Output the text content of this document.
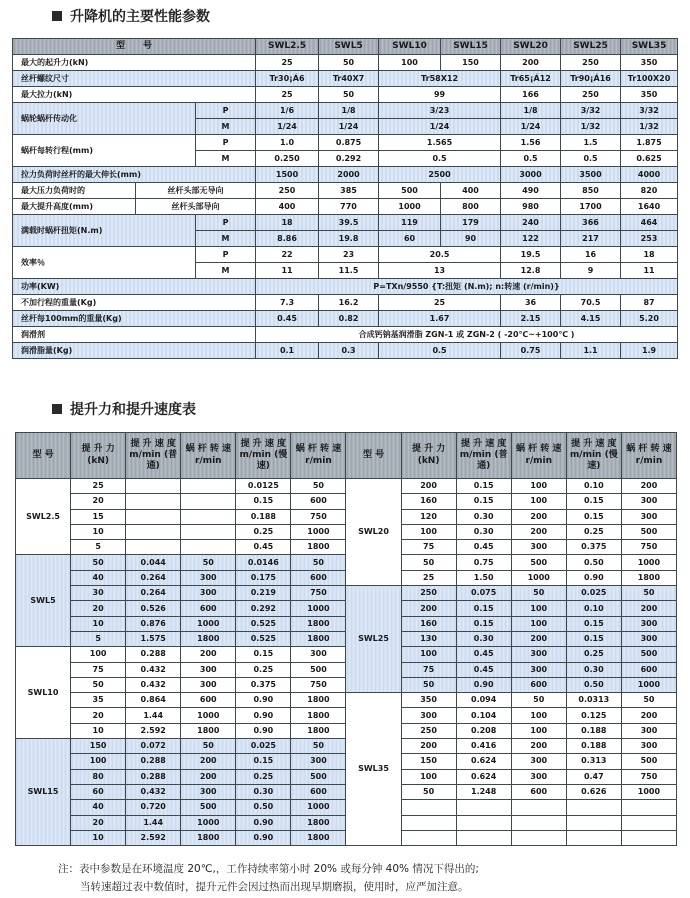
升降机的主要性能参数
型　　号			SWL2.5	SWL5	SWL10	SWL15	SWL20	SWL25	SWL35
最大的起升力(kN)			25	50	100	150	200	250	350
丝杆螺纹尺寸			Tr30¡Á6	Tr40X7	Tr58X12		Tr65¡Á12	Tr90¡Á16	Tr100X20
最大拉力(kN)			25	50	99		166	250	350
蜗轮蜗杆传动化		P	1/6	1/8	3/23		1/8	3/32	3/32
		M	1/24	1/24	1/24		1/24	1/32	1/32
蜗杆每转行程(mm)		P	1.0	0.875	1.565		1.56	1.5	1.875
		M	0.250	0.292	0.5		0.5	0.5	0.625
拉力负荷时丝杆的最大伸长(mm)			1500	2000	2500		3000	3500	4000
最大压力负荷时的	丝杆头部无导向		250	385	500	400	490	850	820
最大提升高度(mm)	丝杆头部导向		400	770	1000	800	980	1700	1640
满载时蜗杆扭矩(N.m)		P	18	39.5	119	179	240	366	464
		M	8.86	19.8	60	90	122	217	253
效率％		P	22	23	20.5		19.5	16	18
		M	11	11.5	13		12.8	9	11
功率(KW)			P=TXn/9550 {T:扭矩 (N.m); n:转速 (r/min)}						
不加行程的重量(Kg)			7.3	16.2	25		36	70.5	87
丝杆每100mm的重量(Kg)			0.45	0.82	1.67		2.15	4.15	5.20
润滑剂			合成钙钠基润滑脂 ZGN-1 或 ZGN-2 ( -20℃~+100℃ )						
润滑脂量(Kg)			0.1	0.3	0.5		0.75	1.1	1.9
提升力和提升速度表
型 号	提 升 力 (kN)	提 升 速 度 m/min (普 通)	蜗 杆 转 速 r/min	提 升 速 度 m/min (慢 速)	蜗 杆 转 速 r/min	型 号	提 升 力 (kN)	提 升 速 度 m/min (普 通)	蜗 杆 转 速 r/min	提 升 速 度 m/min (慢 速)	蜗 杆 转 速 r/min
SWL2.5	25			0.0125	50	SWL20	200	0.15	100	0.10	200
	20			0.15	600		160	0.15	100	0.15	300
	15			0.188	750		120	0.30	200	0.15	300
	10			0.25	1000		100	0.30	200	0.25	500
	5			0.45	1800		75	0.45	300	0.375	750
SWL5	50	0.044	50	0.0146	50		50	0.75	500	0.50	1000
	40	0.264	300	0.175	600		25	1.50	1000	0.90	1800
	30	0.264	300	0.219	750	SWL25	250	0.075	50	0.025	50
	20	0.526	600	0.292	1000		200	0.15	100	0.10	200
	10	0.876	1000	0.525	1800		160	0.15	100	0.15	300
	5	1.575	1800	0.525	1800		130	0.30	200	0.15	300
SWL10	100	0.288	200	0.15	300		100	0.45	300	0.25	500
	75	0.432	300	0.25	500		75	0.45	300	0.30	600
	50	0.432	300	0.375	750		50	0.90	600	0.50	1000
	35	0.864	600	0.90	1800	SWL35	350	0.094	50	0.0313	50
	20	1.44	1000	0.90	1800		300	0.104	100	0.125	200
	10	2.592	1800	0.90	1800		250	0.208	100	0.188	300
SWL15	150	0.072	50	0.025	50		200	0.416	200	0.188	300
	100	0.288	200	0.15	300		150	0.624	300	0.313	500
	80	0.288	200	0.25	500		100	0.624	300	0.47	750
	60	0.432	300	0.30	600		50	1.248	600	0.626	1000
	40	0.720	500	0.50	1000						
	20	1.44	1000	0.90	1800						
	10	2.592	1800	0.90	1800						
注：表中参数是在环境温度 20℃,，工作持续率第小时 20% 或每分钟 40% 情况下得出的;
当转速超过表中数值时，提升元件会因过热而出现早期磨损，使用时，应严加注意。
